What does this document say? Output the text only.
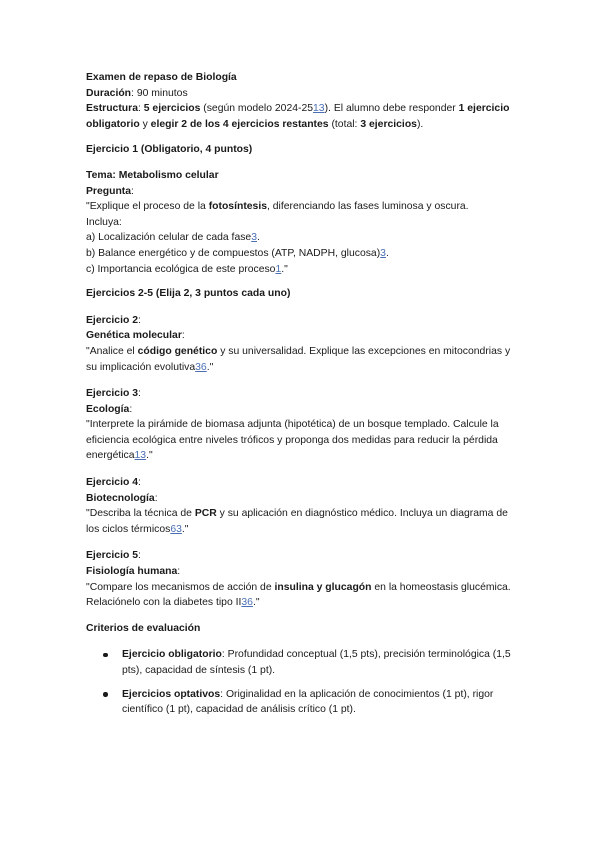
Examen de repaso de Biología

Duración: 90 minutos

Estructura: 5 ejercicios (según modelo 2024-2513). El alumno debe responder 1 ejercicio obligatorio y elegir 2 de los 4 ejercicios restantes (total: 3 ejercicios).

Ejercicio 1 (Obligatorio, 4 puntos)

Tema: Metabolismo celular

Pregunta:

"Explique el proceso de la fotosíntesis, diferenciando las fases luminosa y oscura.

Incluya:

a) Localización celular de cada fase3.

b) Balance energético y de compuestos (ATP, NADPH, glucosa)3.

c) Importancia ecológica de este proceso1."

Ejercicios 2-5 (Elija 2, 3 puntos cada uno)

Ejercicio 2:

Genética molecular:

"Analice el código genético y su universalidad. Explique las excepciones en mitocondrias y su implicación evolutiva36."

Ejercicio 3:

Ecología:

"Interprete la pirámide de biomasa adjunta (hipotética) de un bosque templado. Calcule la eficiencia ecológica entre niveles tróficos y proponga dos medidas para reducir la pérdida energética13."

Ejercicio 4:

Biotecnología:

"Describa la técnica de PCR y su aplicación en diagnóstico médico. Incluya un diagrama de los ciclos térmicos63."

Ejercicio 5:

Fisiología humana:

"Compare los mecanismos de acción de insulina y glucagón en la homeostasis glucémica. Relaciónelo con la diabetes tipo II36."

Criterios de evaluación

Ejercicio obligatorio: Profundidad conceptual (1,5 pts), precisión terminológica (1,5 pts), capacidad de síntesis (1 pt).
Ejercicios optativos: Originalidad en la aplicación de conocimientos (1 pt), rigor científico (1 pt), capacidad de análisis crítico (1 pt).
